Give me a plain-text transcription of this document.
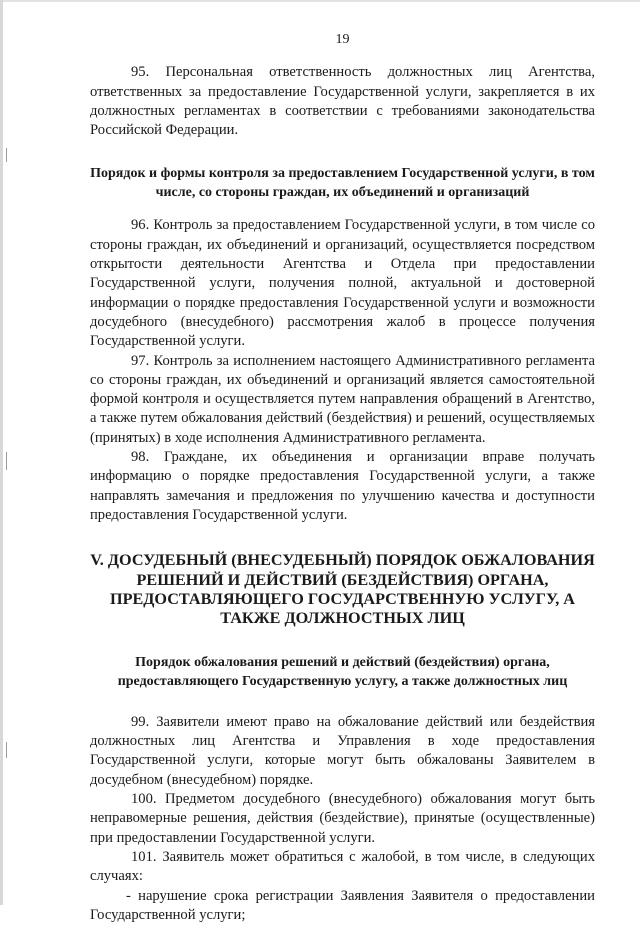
19

95. Персональная ответственность должностных лиц Агентства, ответственных за предоставление Государственной услуги, закрепляется в их должностных регламентах в соответствии с требованиями законодательства Российской Федерации.

Порядок и формы контроля за предоставлением Государственной услуги, в том числе, со стороны граждан, их объединений и организаций

96. Контроль за предоставлением Государственной услуги, в том числе со стороны граждан, их объединений и организаций, осуществляется посредством открытости деятельности Агентства и Отдела при предоставлении Государственной услуги, получения полной, актуальной и достоверной информации о порядке предоставления Государственной услуги и возможности досудебного (внесудебного) рассмотрения жалоб в процессе получения Государственной услуги.

97. Контроль за исполнением настоящего Административного регламента со стороны граждан, их объединений и организаций является самостоятельной формой контроля и осуществляется путем направления обращений в Агентство, а также путем обжалования действий (бездействия) и решений, осуществляемых (принятых) в ходе исполнения Административного регламента.

98. Граждане, их объединения и организации вправе получать информацию о порядке предоставления Государственной услуги, а также направлять замечания и предложения по улучшению качества и доступности предоставления Государственной услуги.

V. ДОСУДЕБНЫЙ (ВНЕСУДЕБНЫЙ) ПОРЯДОК ОБЖАЛОВАНИЯ РЕШЕНИЙ И ДЕЙСТВИЙ (БЕЗДЕЙСТВИЯ) ОРГАНА, ПРЕДОСТАВЛЯЮЩЕГО ГОСУДАРСТВЕННУЮ УСЛУГУ, А ТАКЖЕ ДОЛЖНОСТНЫХ ЛИЦ
Порядок обжалования решений и действий (бездействия) органа, предоставляющего Государственную услугу, а также должностных лиц

99. Заявители имеют право на обжалование действий или бездействия должностных лиц Агентства и Управления в ходе предоставления Государственной услуги, которые могут быть обжалованы Заявителем в досудебном (внесудебном) порядке.

100. Предметом досудебного (внесудебного) обжалования могут быть неправомерные решения, действия (бездействие), принятые (осуществленные) при предоставлении Государственной услуги.

101. Заявитель может обратиться с жалобой, в том числе, в следующих случаях:

- нарушение срока регистрации Заявления Заявителя о предоставлении Государственной услуги;
